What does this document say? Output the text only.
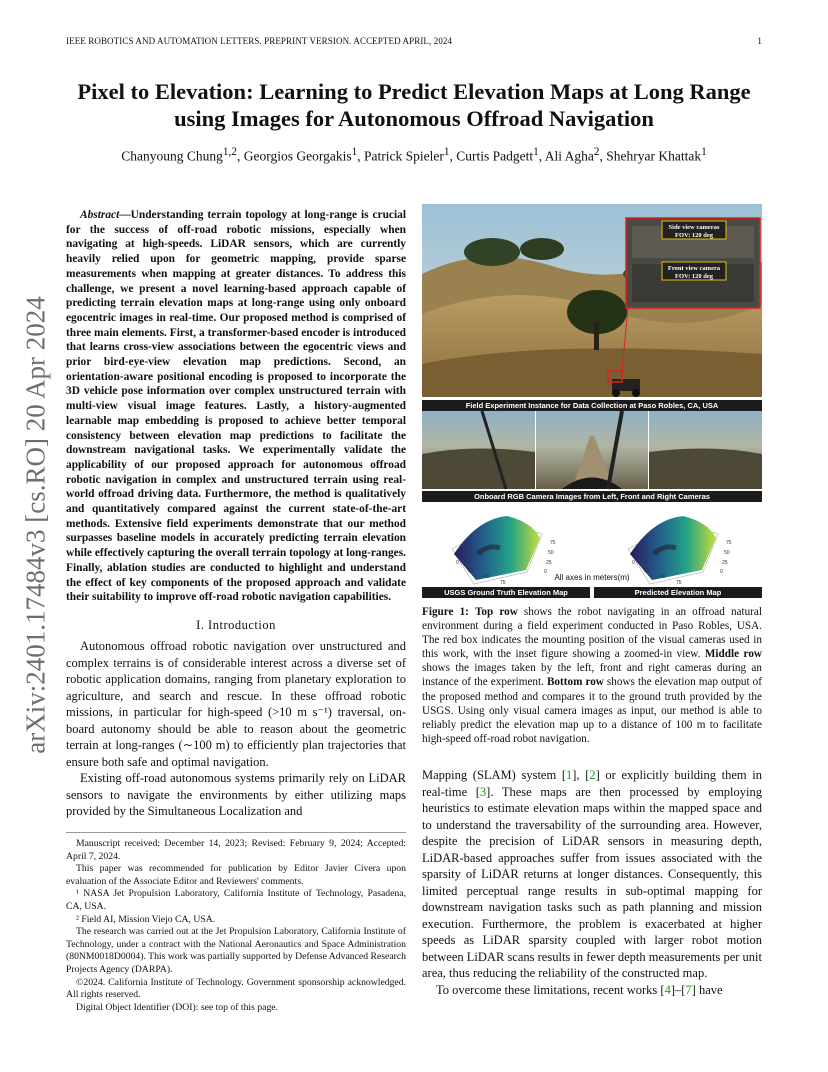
IEEE ROBOTICS AND AUTOMATION LETTERS. PREPRINT VERSION. ACCEPTED APRIL, 2024	1
arXiv:2401.17484v3 [cs.RO] 20 Apr 2024
Pixel to Elevation: Learning to Predict Elevation Maps at Long Range using Images for Autonomous Offroad Navigation
Chanyoung Chung$^{1,2}$, Georgios Georgakis$^1$, Patrick Spieler$^1$, Curtis Padgett$^1$, Ali Agha$^2$, Shehryar Khattak$^1$
Abstract—Understanding terrain topology at long-range is crucial for the success of off-road robotic missions, especially when navigating at high-speeds. LiDAR sensors, which are currently heavily relied upon for geometric mapping, provide sparse measurements when mapping at greater distances. To address this challenge, we present a novel learning-based approach capable of predicting terrain elevation maps at long-range using only onboard egocentric images in real-time. Our proposed method is comprised of three main elements. First, a transformer-based encoder is introduced that learns cross-view associations between the egocentric views and prior bird-eye-view elevation map predictions. Second, an orientation-aware positional encoding is proposed to incorporate the 3D vehicle pose information over complex unstructured terrain with multi-view visual image features. Lastly, a history-augmented learnable map embedding is proposed to achieve better temporal consistency between elevation map predictions to facilitate the downstream navigational tasks. We experimentally validate the applicability of our proposed approach for autonomous offroad robotic navigation in complex and unstructured terrain using real-world offroad driving data. Furthermore, the method is qualitatively and quantitatively compared against the current state-of-the-art methods. Extensive field experiments demonstrate that our method surpasses baseline models in accurately predicting terrain elevation while effectively capturing the overall terrain topology at long-ranges. Finally, ablation studies are conducted to highlight and understand the effect of key components of the proposed approach and validate their suitability to improve off-road robotic navigation capabilities.
I. Introduction

Autonomous offroad robotic navigation over unstructured and complex terrains is of considerable interest across a diverse set of robotic application domains, ranging from planetary exploration to agriculture, and search and rescue. In these offroad robotic missions, in particular for high-speed (>10 m s⁻¹) traversal, on-board autonomy should be able to reason about the geometric terrain at long-ranges (∼100 m) to efficiently plan trajectories that ensure both safe and optimal navigation.

Existing off-road autonomous systems primarily rely on LiDAR sensors to navigate the environments by either utilizing maps provided by the Simultaneous Localization and

Manuscript received: December 14, 2023; Revised: February 9, 2024; Accepted: April 7, 2024.

This paper was recommended for publication by Editor Javier Civera upon evaluation of the Associate Editor and Reviewers' comments.

¹ NASA Jet Propulsion Laboratory, California Institute of Technology, Pasadena, CA, USA.

² Field AI, Mission Viejo CA, USA.

The research was carried out at the Jet Propulsion Laboratory, California Institute of Technology, under a contract with the National Aeronautics and Space Administration (80NM0018D0004). This work was partially supported by Defense Advanced Research Projects Agency (DARPA).

©2024. California Institute of Technology. Government sponsorship acknowledged. All rights reserved.

Digital Object Identifier (DOI): see top of this page.

Side view cameras
FOV: 120 deg
Front view camera
FOV: 120 deg
0
25
50
75
0
25
50
75
0
25
50
75
0
25
50
75
All axes in meters(m)
Field Experiment Instance for Data Collection at Paso Robles, CA, USA
Onboard RGB Camera Images from Left, Front and Right Cameras
USGS Ground Truth Elevation Map	Predicted Elevation Map
Figure 1: Top row shows the robot navigating in an offroad natural environment during a field experiment conducted in Paso Robles, USA. The red box indicates the mounting position of the visual cameras used in this work, with the inset figure showing a zoomed-in view. Middle row shows the images taken by the left, front and right cameras during an instance of the experiment. Bottom row shows the elevation map output of the proposed method and compares it to the ground truth provided by the USGS. Using only visual camera images as input, our method is able to reliably predict the elevation map up to a distance of 100 m to facilitate high-speed off-road robot navigation.

Mapping (SLAM) system [1], [2] or explicitly building them in real-time [3]. These maps are then processed by employing heuristics to estimate elevation maps within the mapped space and to understand the traversability of the surrounding area. However, despite the precision of LiDAR sensors in measuring depth, LiDAR-based approaches suffer from issues associated with the sparsity of LiDAR returns at longer distances. Consequently, this limited perceptual range results in sub-optimal mapping for downstream navigation tasks such as path planning and mission execution. Furthermore, the problem is exacerbated at higher speeds as LiDAR sparsity coupled with larger robot motion between LiDAR scans results in fewer depth measurements per unit area, thus reducing the reliability of the constructed map.

To overcome these limitations, recent works [4]–[7] have
